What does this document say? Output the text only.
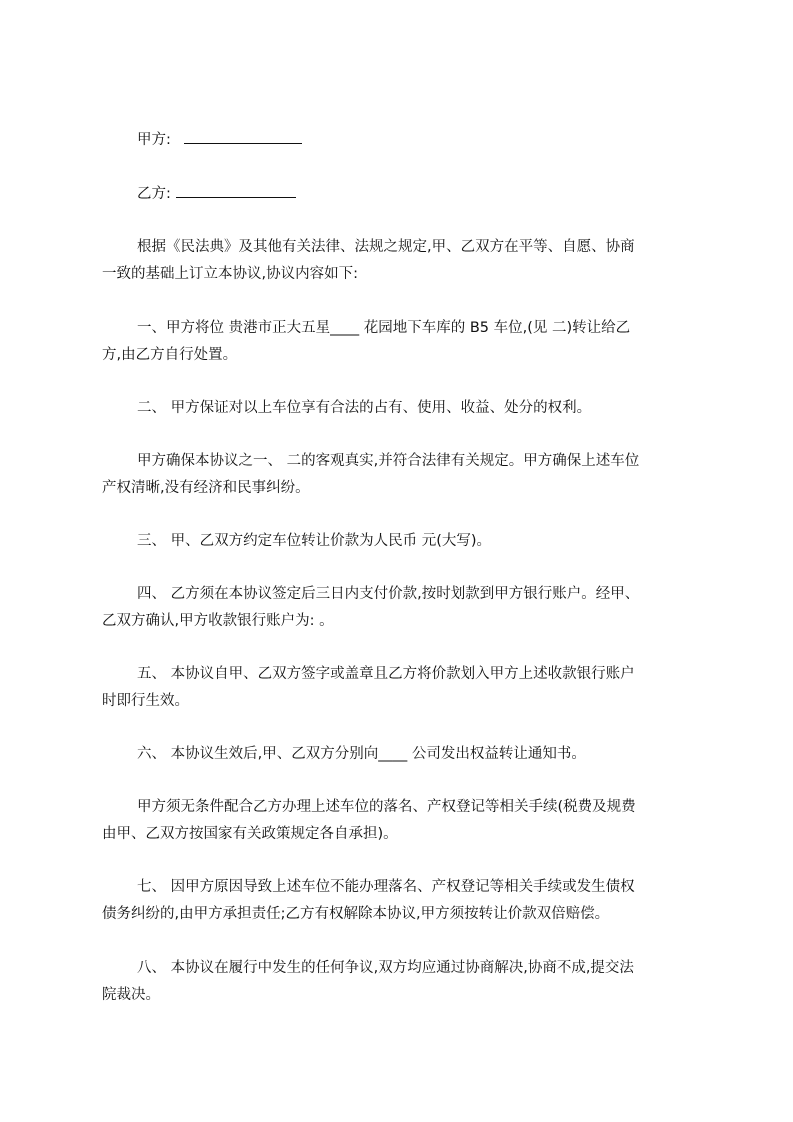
甲方:
乙方:
根据《民法典》及其他有关法律、法规之规定,甲、乙双方在平等、自愿、协商
一致的基础上订立本协议,协议内容如下:
一、甲方将位 贵港市正大五星____ 花园地下车库的 B5 车位,(见 二)转让给乙
方,由乙方自行处置。
二、 甲方保证对以上车位享有合法的占有、使用、收益、处分的权利。
甲方确保本协议之一、 二的客观真实,并符合法律有关规定。甲方确保上述车位
产权清晰,没有经济和民事纠纷。
三、 甲、乙双方约定车位转让价款为人民币 元(大写)。
四、 乙方须在本协议签定后三日内支付价款,按时划款到甲方银行账户。经甲、
乙双方确认,甲方收款银行账户为: 。
五、 本协议自甲、乙双方签字或盖章且乙方将价款划入甲方上述收款银行账户
时即行生效。
六、 本协议生效后,甲、乙双方分别向____ 公司发出权益转让通知书。
甲方须无条件配合乙方办理上述车位的落名、产权登记等相关手续(税费及规费
由甲、乙双方按国家有关政策规定各自承担)。
七、 因甲方原因导致上述车位不能办理落名、产权登记等相关手续或发生债权
债务纠纷的,由甲方承担责任;乙方有权解除本协议,甲方须按转让价款双倍赔偿。
八、 本协议在履行中发生的任何争议,双方均应通过协商解决,协商不成,提交法
院裁决。
